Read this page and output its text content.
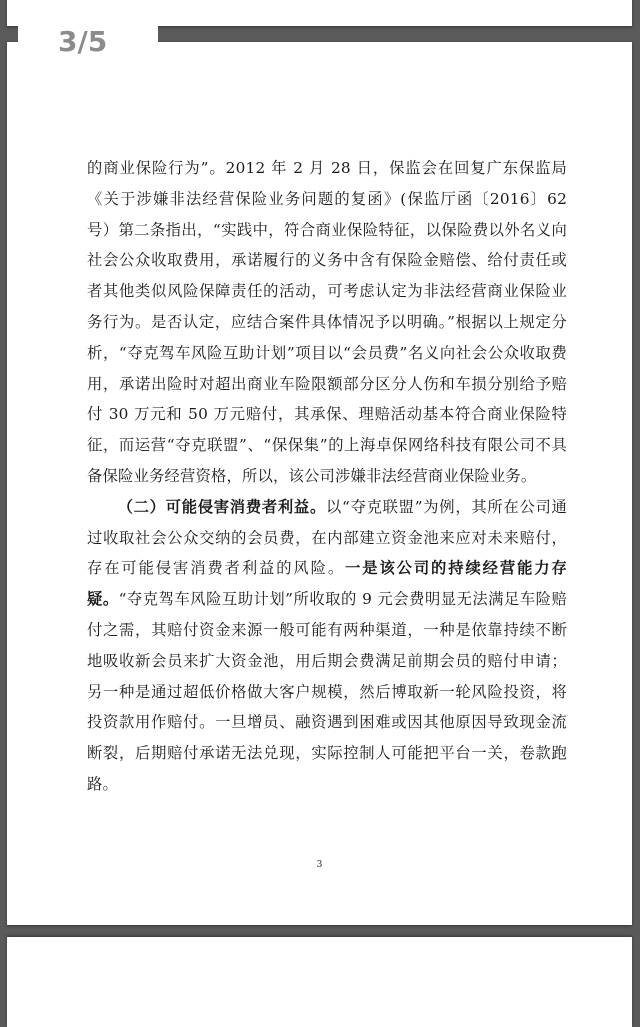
的商业保险行为”。2012 年 2 月 28 日，保监会在回复广东保监局《关于涉嫌非法经营保险业务问题的复函》(保监厅函〔2016〕62 号）第二条指出，“实践中，符合商业保险特征，以保险费以外名义向社会公众收取费用，承诺履行的义务中含有保险金赔偿、给付责任或者其他类似风险保障责任的活动，可考虑认定为非法经营商业保险业务行为。是否认定，应结合案件具体情况予以明确。”根据以上规定分析，“夺克驾车风险互助计划”项目以“会员费”名义向社会公众收取费用，承诺出险时对超出商业车险限额部分区分人伤和车损分别给予赔付 30 万元和 50 万元赔付，其承保、理赔活动基本符合商业保险特征，而运营“夺克联盟”、“保保集”的上海卓保网络科技有限公司不具备保险业务经营资格，所以，该公司涉嫌非法经营商业保险业务。

（二）可能侵害消费者利益。以“夺克联盟”为例，其所在公司通过收取社会公众交纳的会员费，在内部建立资金池来应对未来赔付，存在可能侵害消费者利益的风险。一是该公司的持续经营能力存疑。“夺克驾车风险互助计划”所收取的 9 元会费明显无法满足车险赔付之需，其赔付资金来源一般可能有两种渠道，一种是依靠持续不断地吸收新会员来扩大资金池，用后期会费满足前期会员的赔付申请；另一种是通过超低价格做大客户规模，然后博取新一轮风险投资，将投资款用作赔付。一旦增员、融资遇到困难或因其他原因导致现金流断裂，后期赔付承诺无法兑现，实际控制人可能把平台一关，卷款跑路。

3
3/5
